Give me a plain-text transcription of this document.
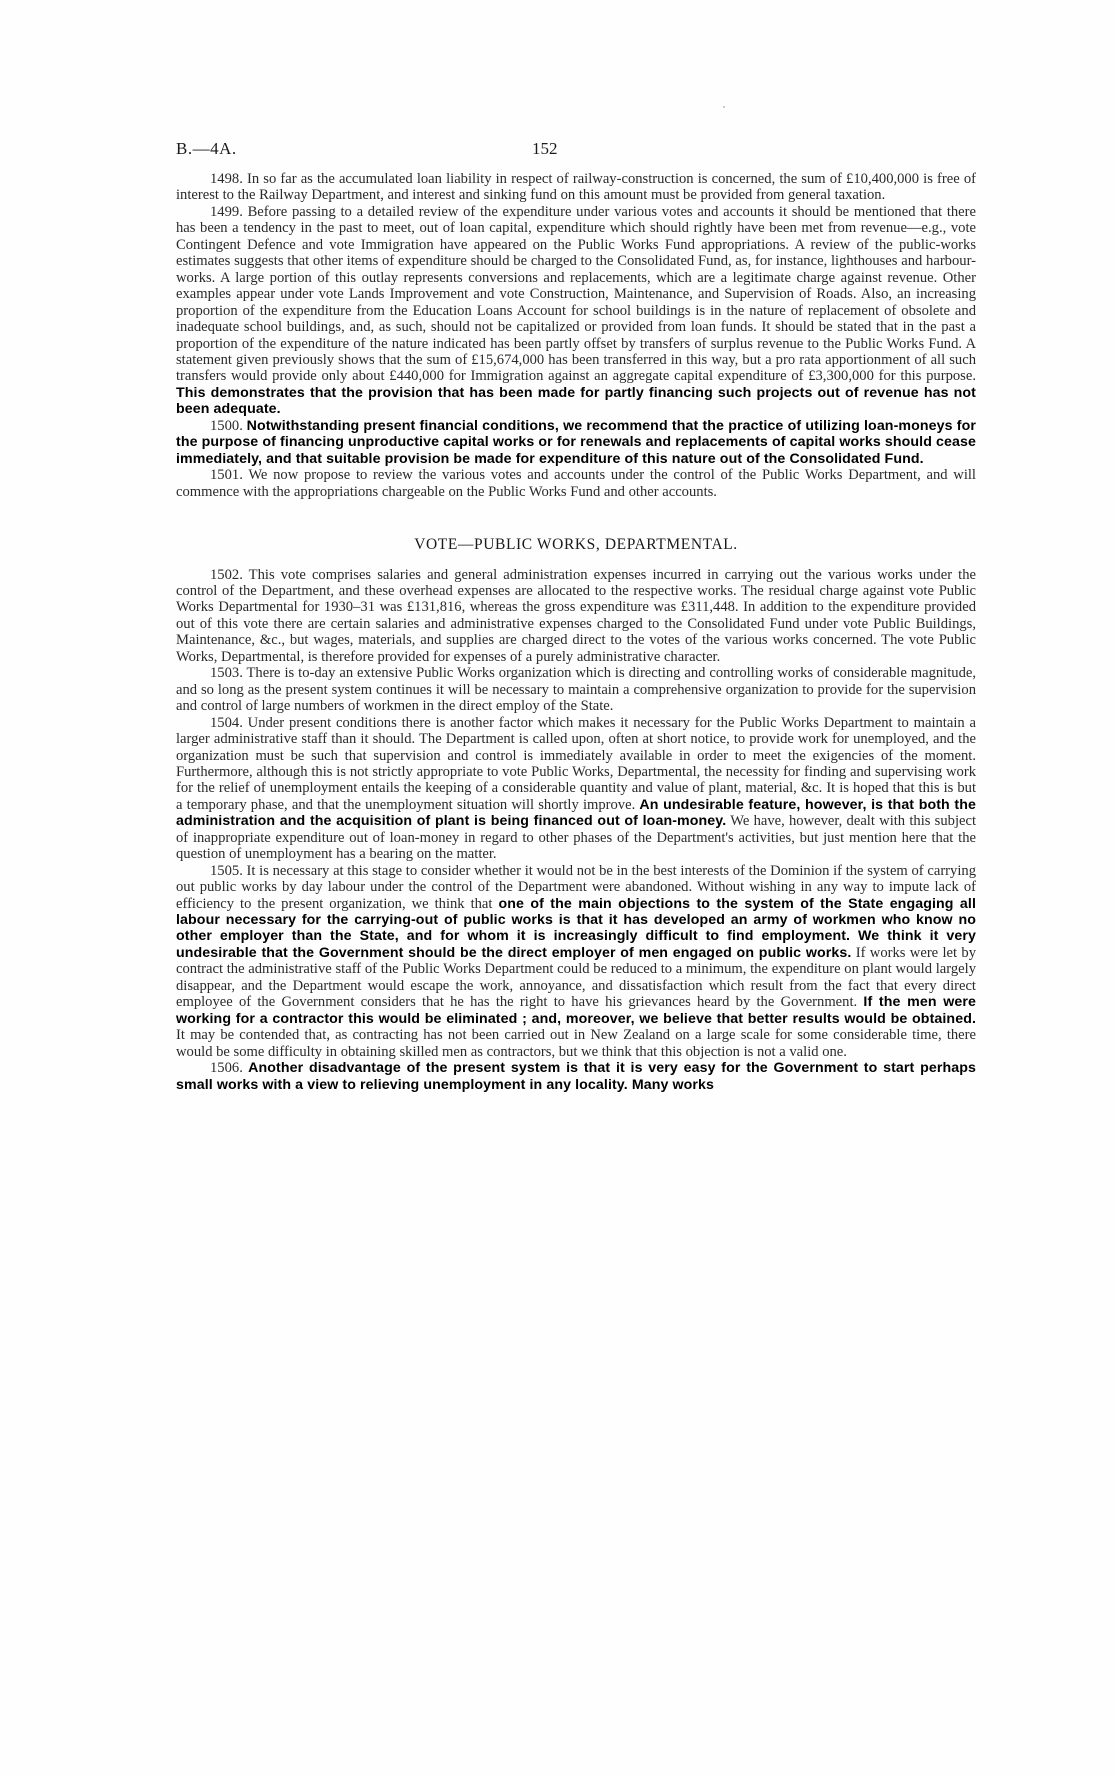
B.—4A.	152

1498. In so far as the accumulated loan liability in respect of railway-construction is concerned, the sum of £10,400,000 is free of interest to the Railway Department, and interest and sinking fund on this amount must be provided from general taxation.

1499. Before passing to a detailed review of the expenditure under various votes and accounts it should be mentioned that there has been a tendency in the past to meet, out of loan capital, expenditure which should rightly have been met from revenue—e.g., vote Contingent Defence and vote Immigration have appeared on the Public Works Fund appropriations. A review of the public-works estimates suggests that other items of expenditure should be charged to the Consolidated Fund, as, for instance, lighthouses and harbour-works. A large portion of this outlay represents conversions and replacements, which are a legitimate charge against revenue. Other examples appear under vote Lands Improvement and vote Construction, Maintenance, and Supervision of Roads. Also, an increasing proportion of the expenditure from the Education Loans Account for school buildings is in the nature of replacement of obsolete and inadequate school buildings, and, as such, should not be capitalized or provided from loan funds. It should be stated that in the past a proportion of the expenditure of the nature indicated has been partly offset by transfers of surplus revenue to the Public Works Fund. A statement given previously shows that the sum of £15,674,000 has been transferred in this way, but a pro rata apportionment of all such transfers would provide only about £440,000 for Immigration against an aggregate capital expenditure of £3,300,000 for this purpose. This demonstrates that the provision that has been made for partly financing such projects out of revenue has not been adequate.

1500. Notwithstanding present financial conditions, we recommend that the practice of utilizing loan-moneys for the purpose of financing unproductive capital works or for renewals and replacements of capital works should cease immediately, and that suitable provision be made for expenditure of this nature out of the Consolidated Fund.

1501. We now propose to review the various votes and accounts under the control of the Public Works Department, and will commence with the appropriations chargeable on the Public Works Fund and other accounts.

VOTE—PUBLIC WORKS, DEPARTMENTAL.

1502. This vote comprises salaries and general administration expenses incurred in carrying out the various works under the control of the Department, and these overhead expenses are allocated to the respective works. The residual charge against vote Public Works Departmental for 1930–31 was £131,816, whereas the gross expenditure was £311,448. In addition to the expenditure provided out of this vote there are certain salaries and administrative expenses charged to the Consolidated Fund under vote Public Buildings, Maintenance, &c., but wages, materials, and supplies are charged direct to the votes of the various works concerned. The vote Public Works, Departmental, is therefore provided for expenses of a purely administrative character.

1503. There is to-day an extensive Public Works organization which is directing and controlling works of considerable magnitude, and so long as the present system continues it will be necessary to maintain a comprehensive organization to provide for the supervision and control of large numbers of workmen in the direct employ of the State.

1504. Under present conditions there is another factor which makes it necessary for the Public Works Department to maintain a larger administrative staff than it should. The Department is called upon, often at short notice, to provide work for unemployed, and the organization must be such that supervision and control is immediately available in order to meet the exigencies of the moment. Furthermore, although this is not strictly appropriate to vote Public Works, Departmental, the necessity for finding and supervising work for the relief of unemployment entails the keeping of a considerable quantity and value of plant, material, &c. It is hoped that this is but a temporary phase, and that the unemployment situation will shortly improve. An undesirable feature, however, is that both the administration and the acquisition of plant is being financed out of loan-money. We have, however, dealt with this subject of inappropriate expenditure out of loan-money in regard to other phases of the Department's activities, but just mention here that the question of unemployment has a bearing on the matter.

1505. It is necessary at this stage to consider whether it would not be in the best interests of the Dominion if the system of carrying out public works by day labour under the control of the Department were abandoned. Without wishing in any way to impute lack of efficiency to the present organization, we think that one of the main objections to the system of the State engaging all labour necessary for the carrying-out of public works is that it has developed an army of workmen who know no other employer than the State, and for whom it is increasingly difficult to find employment. We think it very undesirable that the Government should be the direct employer of men engaged on public works. If works were let by contract the administrative staff of the Public Works Department could be reduced to a minimum, the expenditure on plant would largely disappear, and the Department would escape the work, annoyance, and dissatisfaction which result from the fact that every direct employee of the Government considers that he has the right to have his grievances heard by the Government. If the men were working for a contractor this would be eliminated ; and, moreover, we believe that better results would be obtained. It may be contended that, as contracting has not been carried out in New Zealand on a large scale for some considerable time, there would be some difficulty in obtaining skilled men as contractors, but we think that this objection is not a valid one.

1506. Another disadvantage of the present system is that it is very easy for the Government to start perhaps small works with a view to relieving unemployment in any locality. Many works
